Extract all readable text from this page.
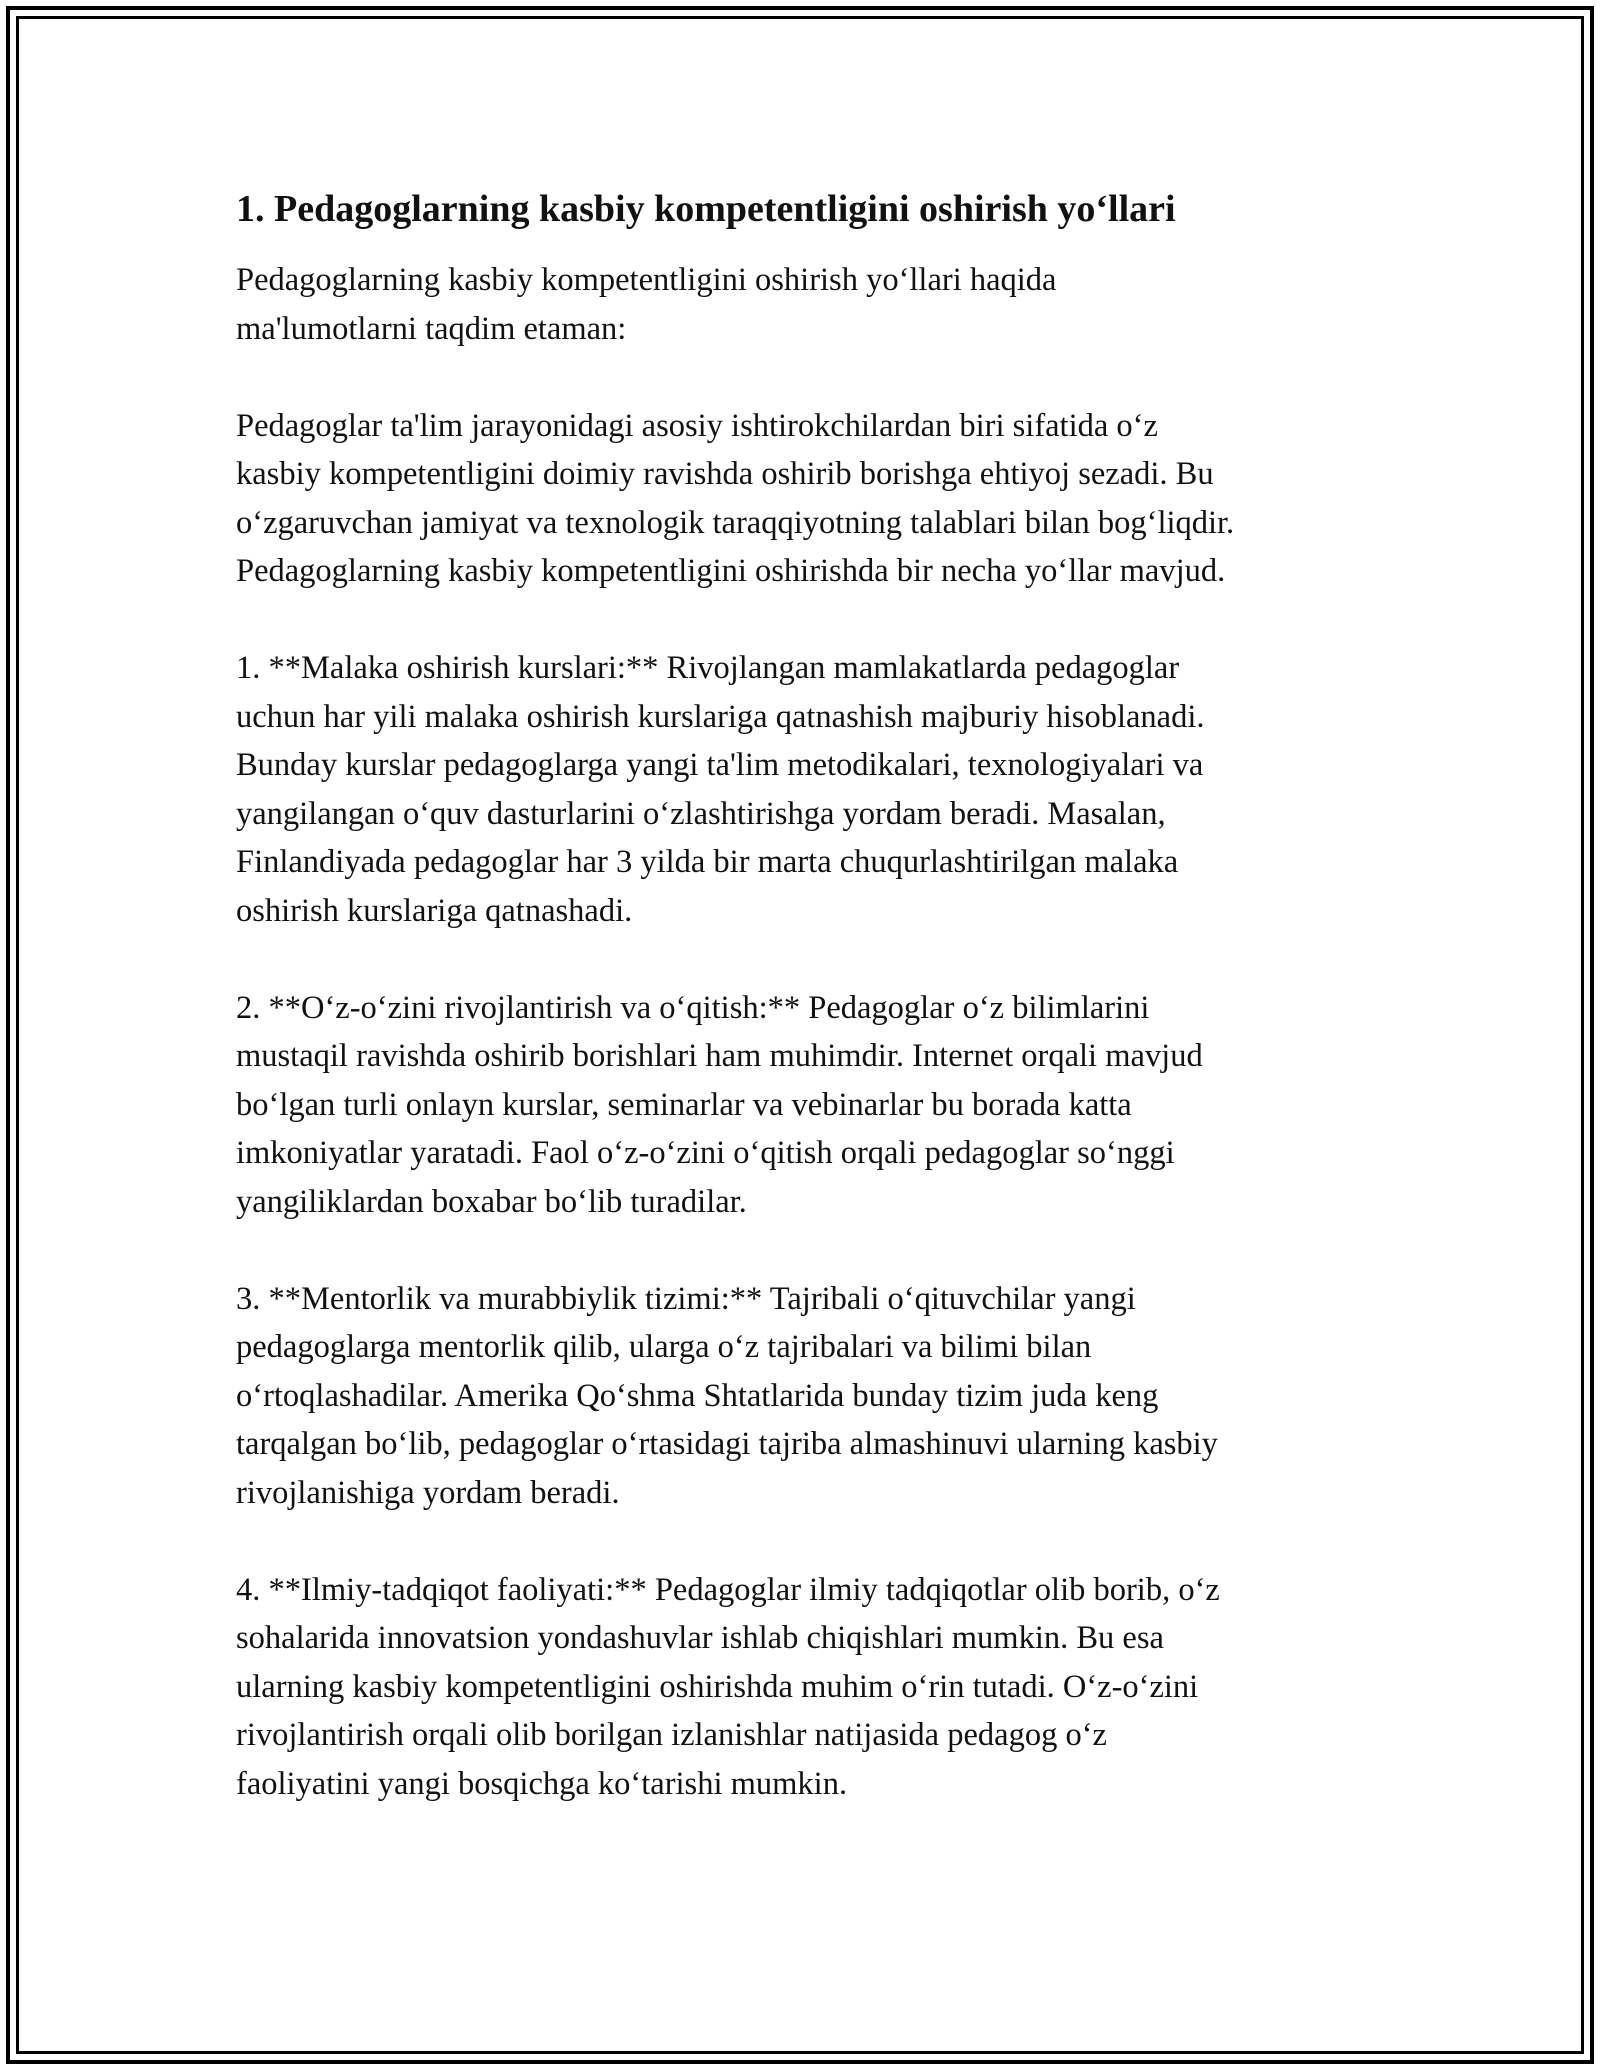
1. Pedagoglarning kasbiy kompetentligini oshirish yo‘llari

Pedagoglarning kasbiy kompetentligini oshirish yo‘llari haqida
ma'lumotlarni taqdim etaman:

Pedagoglar ta'lim jarayonidagi asosiy ishtirokchilardan biri sifatida o‘z
kasbiy kompetentligini doimiy ravishda oshirib borishga ehtiyoj sezadi. Bu
o‘zgaruvchan jamiyat va texnologik taraqqiyotning talablari bilan bog‘liqdir.
Pedagoglarning kasbiy kompetentligini oshirishda bir necha yo‘llar mavjud.

1. **Malaka oshirish kurslari:** Rivojlangan mamlakatlarda pedagoglar
uchun har yili malaka oshirish kurslariga qatnashish majburiy hisoblanadi.
Bunday kurslar pedagoglarga yangi ta'lim metodikalari, texnologiyalari va
yangilangan o‘quv dasturlarini o‘zlashtirishga yordam beradi. Masalan,
Finlandiyada pedagoglar har 3 yilda bir marta chuqurlashtirilgan malaka
oshirish kurslariga qatnashadi.

2. **O‘z-o‘zini rivojlantirish va o‘qitish:** Pedagoglar o‘z bilimlarini
mustaqil ravishda oshirib borishlari ham muhimdir. Internet orqali mavjud
bo‘lgan turli onlayn kurslar, seminarlar va vebinarlar bu borada katta
imkoniyatlar yaratadi. Faol o‘z-o‘zini o‘qitish orqali pedagoglar so‘nggi
yangiliklardan boxabar bo‘lib turadilar.

3. **Mentorlik va murabbiylik tizimi:** Tajribali o‘qituvchilar yangi
pedagoglarga mentorlik qilib, ularga o‘z tajribalari va bilimi bilan
o‘rtoqlashadilar. Amerika Qo‘shma Shtatlarida bunday tizim juda keng
tarqalgan bo‘lib, pedagoglar o‘rtasidagi tajriba almashinuvi ularning kasbiy
rivojlanishiga yordam beradi.

4. **Ilmiy-tadqiqot faoliyati:** Pedagoglar ilmiy tadqiqotlar olib borib, o‘z
sohalarida innovatsion yondashuvlar ishlab chiqishlari mumkin. Bu esa
ularning kasbiy kompetentligini oshirishda muhim o‘rin tutadi. O‘z-o‘zini
rivojlantirish orqali olib borilgan izlanishlar natijasida pedagog o‘z
faoliyatini yangi bosqichga ko‘tarishi mumkin.
